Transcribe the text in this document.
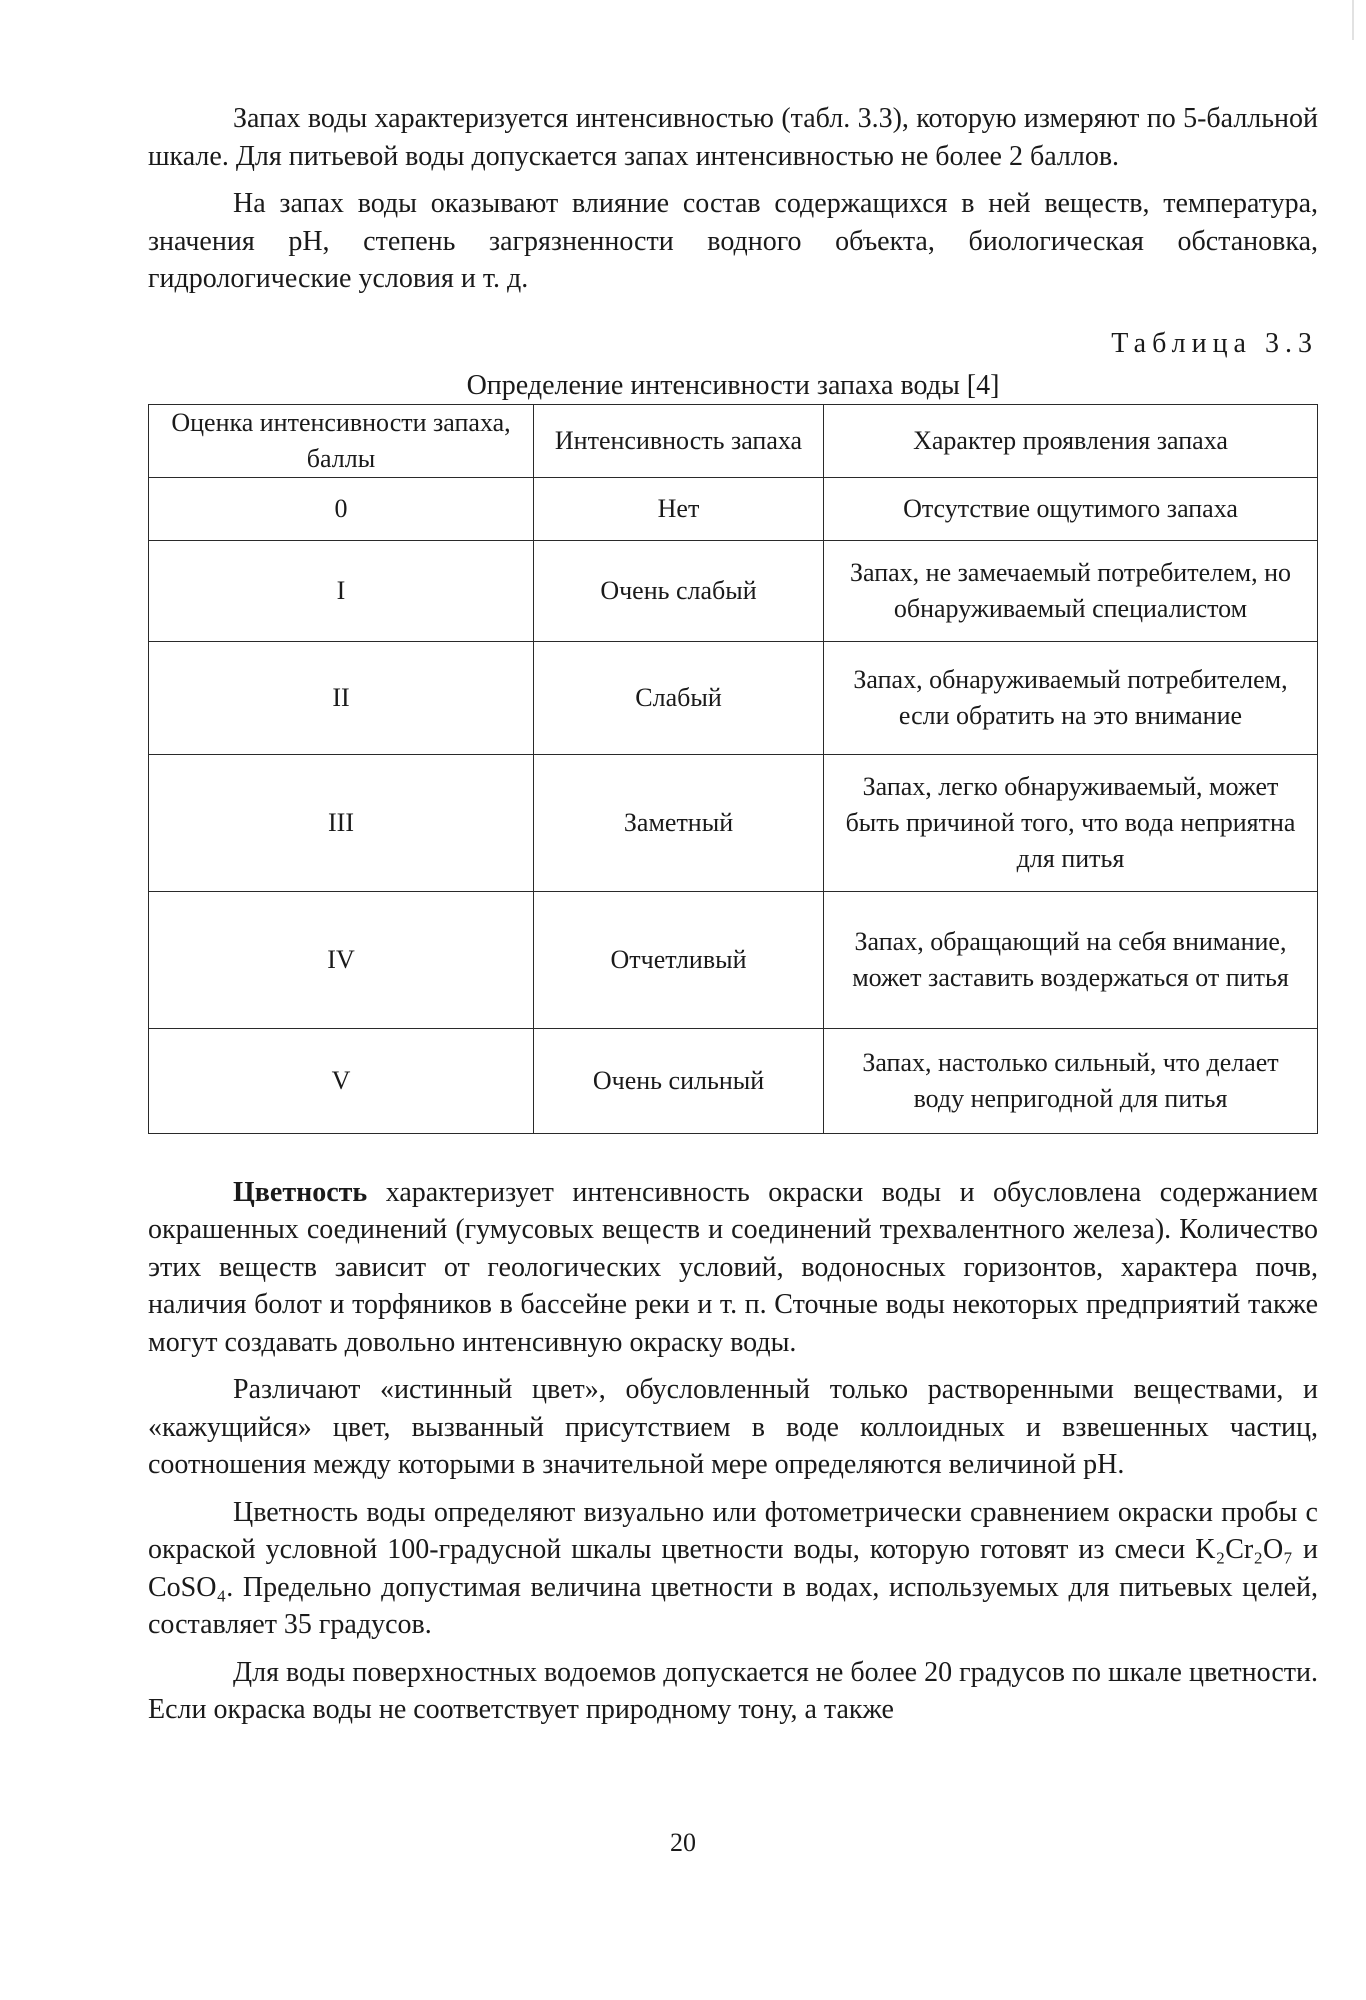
Запах воды характеризуется интенсивностью (табл. 3.3), которую измеряют по 5-балльной шкале. Для питьевой воды допускается запах интенсивностью не более 2 баллов.

На запах воды оказывают влияние состав содержащихся в ней веществ, температура, значения pH, степень загрязненности водного объекта, биологическая обстановка, гидрологические условия и т. д.

Таблица 3.3
Определение интенсивности запаха воды [4]
Оценка интенсивности запаха, баллы	Интенсивность запаха	Характер проявления запаха
0	Нет	Отсутствие ощутимого запаха
I	Очень слабый	Запах, не замечаемый потребителем, но обнаруживаемый специалистом
II	Слабый	Запах, обнаруживаемый потребителем, если обратить на это внимание
III	Заметный	Запах, легко обнаруживаемый, может быть причиной того, что вода неприятна для питья
IV	Отчетливый	Запах, обращающий на себя внимание, может заставить воздержаться от питья
V	Очень сильный	Запах, настолько сильный, что делает воду непригодной для питья

Цветность характеризует интенсивность окраски воды и обусловлена содержанием окрашенных соединений (гумусовых веществ и соединений трехвалентного железа). Количество этих веществ зависит от геологических условий, водоносных горизонтов, характера почв, наличия болот и торфяников в бассейне реки и т. п. Сточные воды некоторых предприятий также могут создавать довольно интенсивную окраску воды.

Различают «истинный цвет», обусловленный только растворенными веществами, и «кажущийся» цвет, вызванный присутствием в воде коллоидных и взвешенных частиц, соотношения между которыми в значительной мере определяются величиной pH.

Цветность воды определяют визуально или фотометрически сравнением окраски пробы с окраской условной 100-градусной шкалы цветности воды, которую готовят из смеси K₂Cr₂O₇ и CoSO₄. Предельно допустимая величина цветности в водах, используемых для питьевых целей, составляет 35 градусов.

Для воды поверхностных водоемов допускается не более 20 градусов по шкале цветности. Если окраска воды не соответствует природному тону, а также

20
